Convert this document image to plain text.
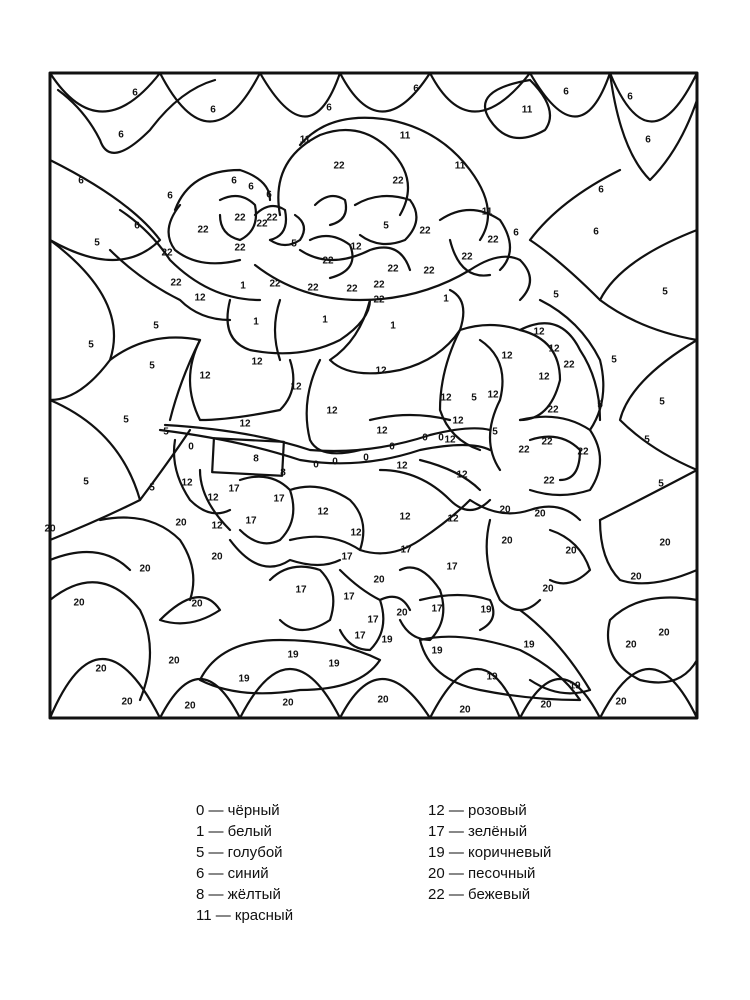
6
6
6
6
6
6
6
6
6
6
6	6	6
6
6
6
6
11
11
11
11
11
22
22
22
22
22
22
22
22
22
22
22
22	22	22
22
22 22
22
22 22
22
22
22
22
22
22
5
5
5
5
5
5
5
5
5
5
5	5
5
5
5
5
5
5
5
1
1	1
1
1
12
12
12
12	12
12
12
12
12
12
12
12
12
12
12
12
12
12
12
12
12
12
12
12	12
12
0
0 0	0
0
0 0
8
8
17
17
17
17
17
17
17
17
17
17
17
20
20
20
20	20
20
20
20
20	20	20	20
20
20
20
20
20
20
20
20
20
20
20
20
20
20
19
19
19
19
19
19
19
19
19
0 — чёрный
1 — белый
5 — голубой
6 — синий
8 — жёлтый
11 — красный
12 — розовый
17 — зелёный
19 — коричневый
20 — песочный
22 — бежевый
